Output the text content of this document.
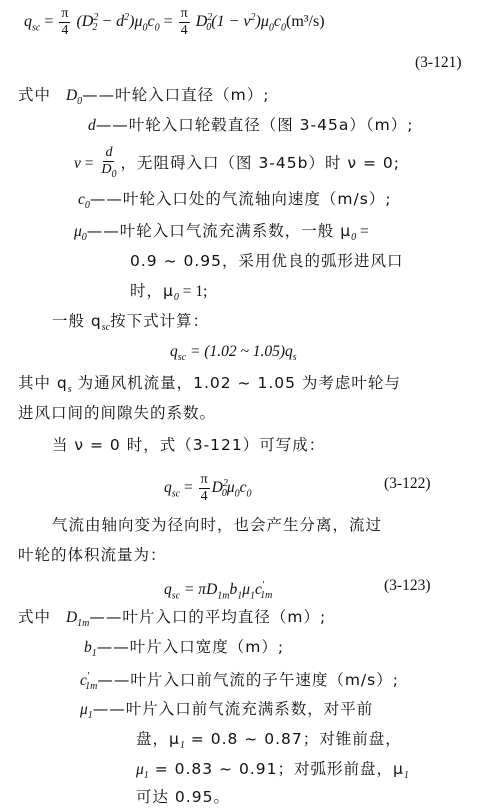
$q_{sc} = \frac{\pi}{4} (D^2_2 - d^2)\mu_0c_0 = \frac{\pi}{4} D^2_0(1 - \nu^2)\mu_0c_0(m^3/s)$
(3-121)
式中 $D_0——$叶轮入口直径（m）;
d——叶轮入口轮毂直径（图 3-45a）（m）;
$\nu = \frac{d}{D_0}$ ，无阻碍入口（图 3-45b）时 ν = 0;
$c_0——$叶轮入口处的气流轴向速度（m/s）;
$\mu_0——$叶轮入口气流充满系数，一般 $\mu_0$ =
0.9 ~ 0.95，采用优良的弧形进风口
时，$\mu_0 = 1$;
一般 $q_{sc}$按下式计算：
$q_{sc} = (1.02$ ~ $1.05)q_s$
其中 $q_s$ 为通风机流量，1.02 ~ 1.05 为考虑叶轮与
进风口间的间隙失的系数。
当 ν = 0 时，式（3-121）可写成：
$q_{sc} = \frac{\pi}{4} D^2_0\mu_0c_0$
(3-122)
气流由轴向变为径向时，也会产生分离，流过
叶轮的体积流量为：
$q_{sc} = \pi D_{1m}b_1\mu_1c'_{1m}$
(3-123)
式中 $D_{1m}——$叶片入口的平均直径（m）;
$b_1——$叶片入口宽度（m）;
$c'_{1m}——$叶片入口前气流的子午速度（m/s）;
$\mu_1——$叶片入口前气流充满系数，对平前
盘，$\mu_1 = 0.8$ ~ 0.87；对锥前盘，
$\mu_1 = 0.83$ ~ 0.91；对弧形前盘，$\mu_1$
可达 0.95。
